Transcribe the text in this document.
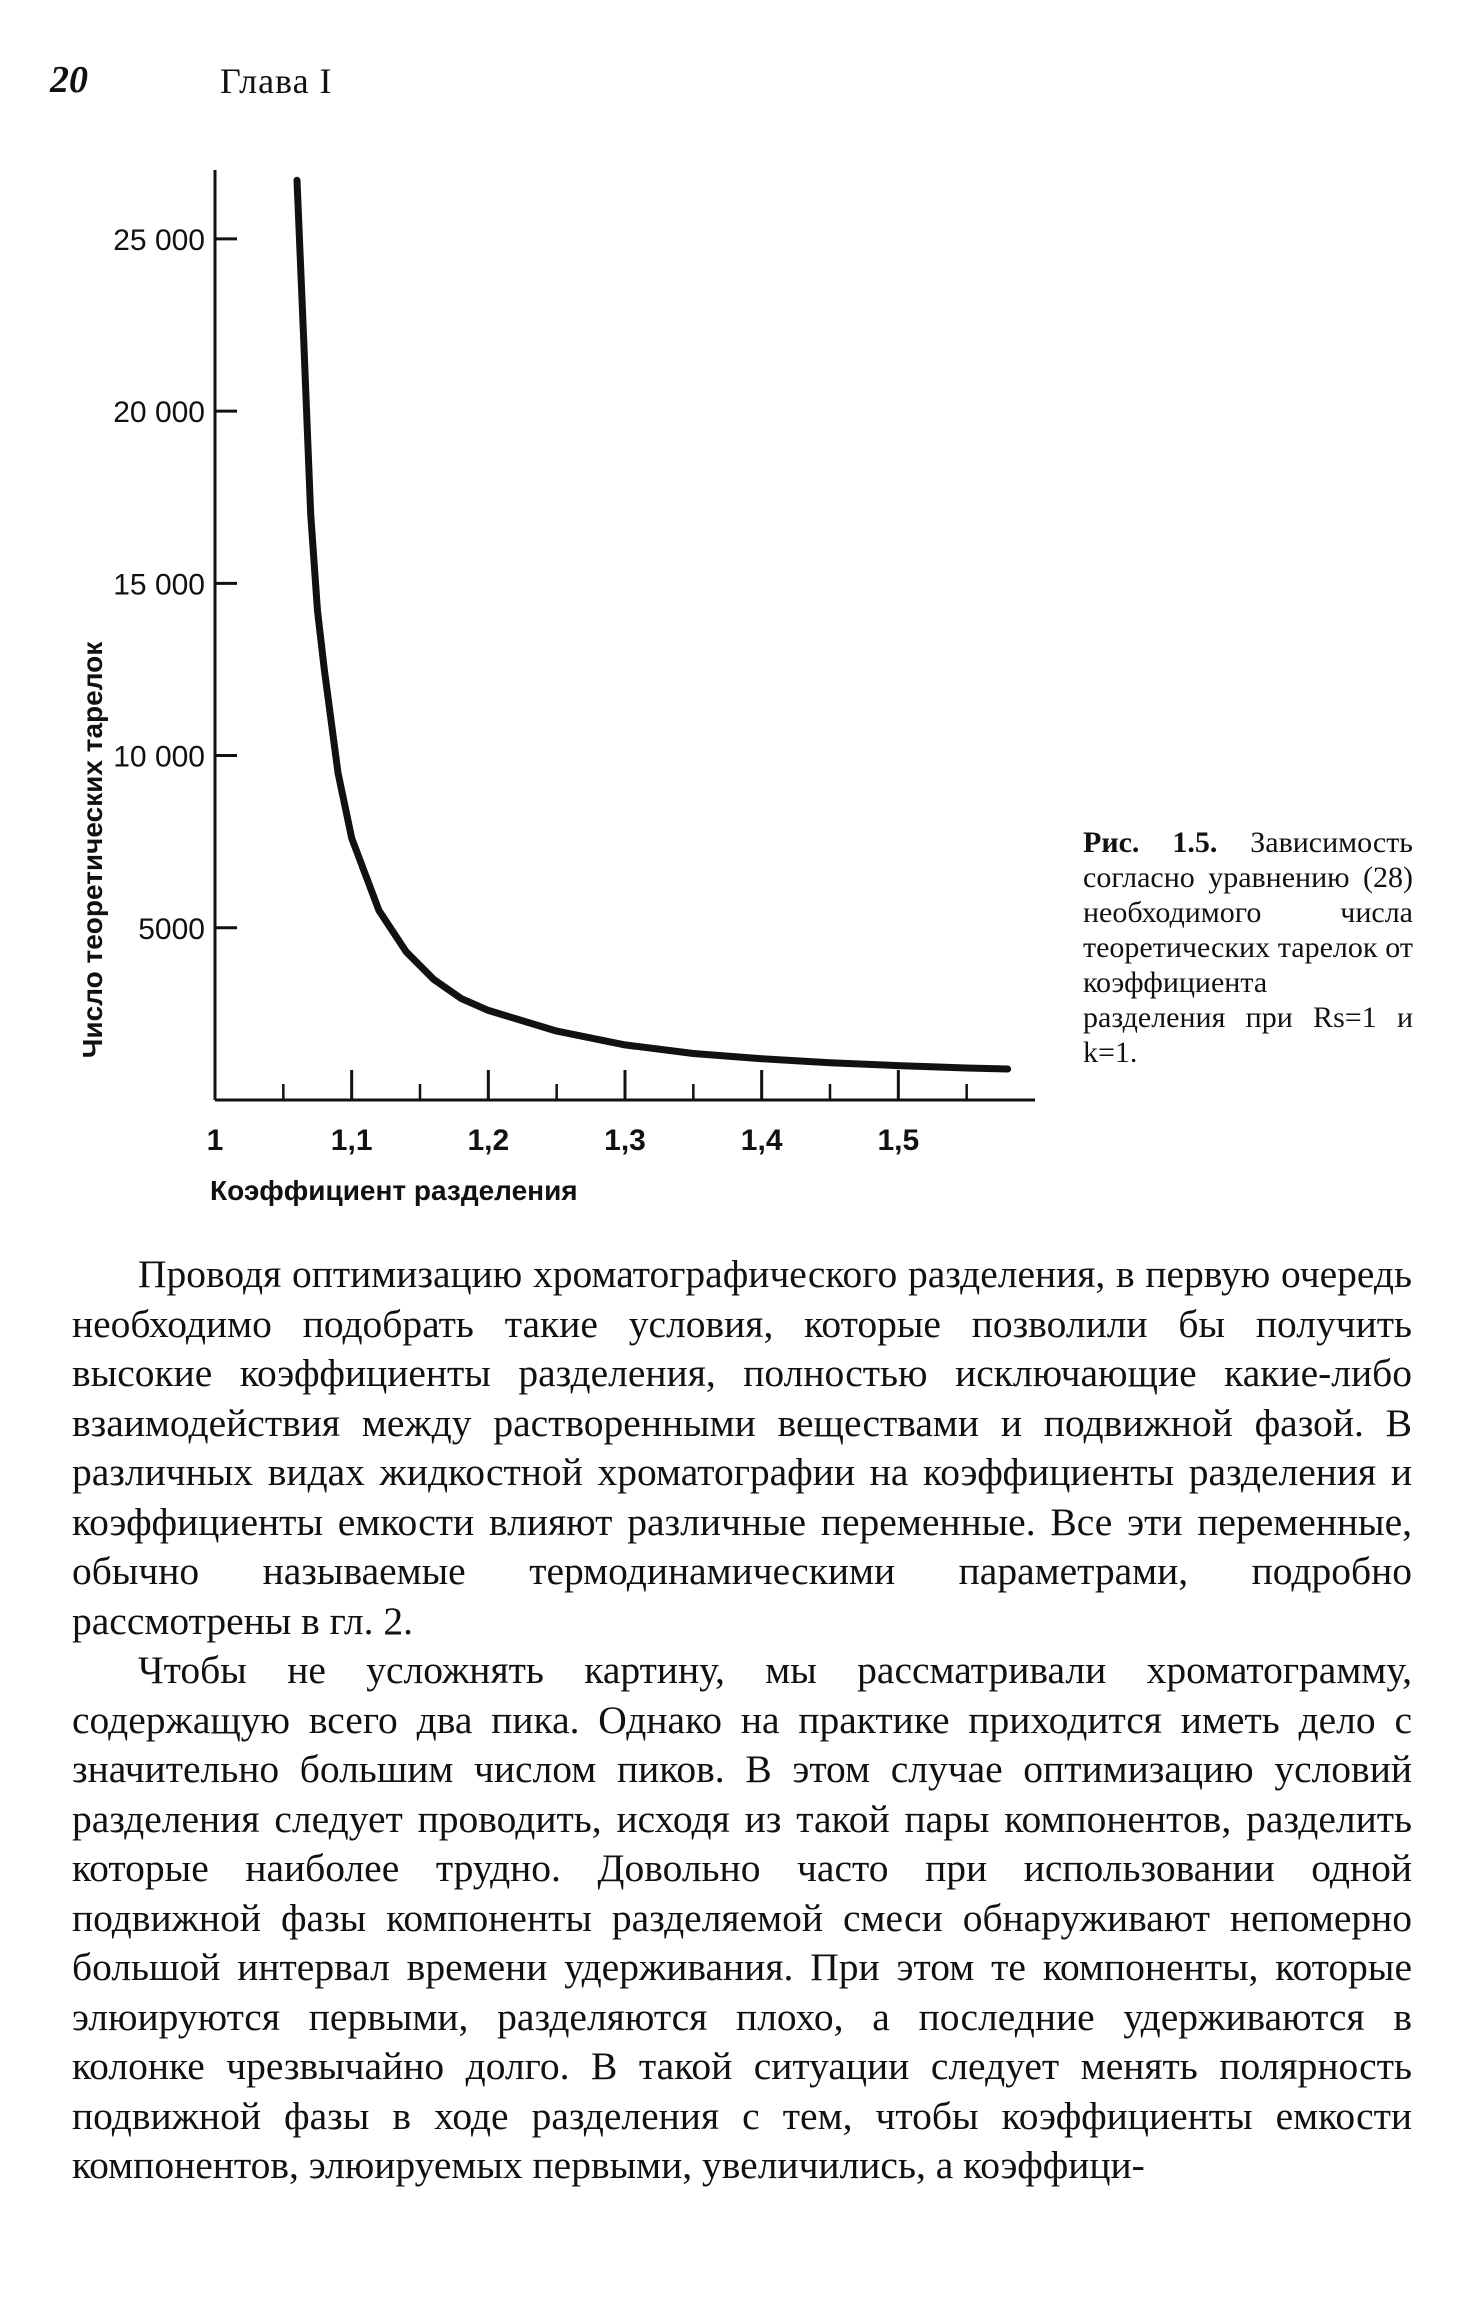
20	Глава I
5000
10 000
15 000
20 000
25 000
1	1,1	1,2	1,3	1,4	1,5
Число теоретических тарелок
Коэффициент разделения
Рис. 1.5. Зависимость согласно уравнению (28) необходимого числа теоретических тарелок от коэффициента разделения при Rs=1 и k=1.

Проводя оптимизацию хроматографического разделения, в первую очередь необходимо подобрать такие условия, которые позволили бы получить высокие коэффициенты разделения, полностью исключающие какие-либо взаимодействия между растворенными веществами и подвижной фазой. В различных видах жидкостной хроматографии на коэффициенты разделения и коэффициенты емкости влияют различные переменные. Все эти переменные, обычно называемые термодинамическими параметрами, подробно рассмотрены в гл. 2.

Чтобы не усложнять картину, мы рассматривали хроматограмму, содержащую всего два пика. Однако на практике приходится иметь дело с значительно большим числом пиков. В этом случае оптимизацию условий разделения следует проводить, исходя из такой пары компонентов, разделить которые наиболее трудно. Довольно часто при использовании одной подвижной фазы компоненты разделяемой смеси обнаруживают непомерно большой интервал времени удерживания. При этом те компоненты, которые элюируются первыми, разделяются плохо, а последние удерживаются в колонке чрезвычайно долго. В такой ситуации следует менять полярность подвижной фазы в ходе разделения с тем, чтобы коэффициенты емкости компонентов, элюируемых первыми, увеличились, а коэффици-
